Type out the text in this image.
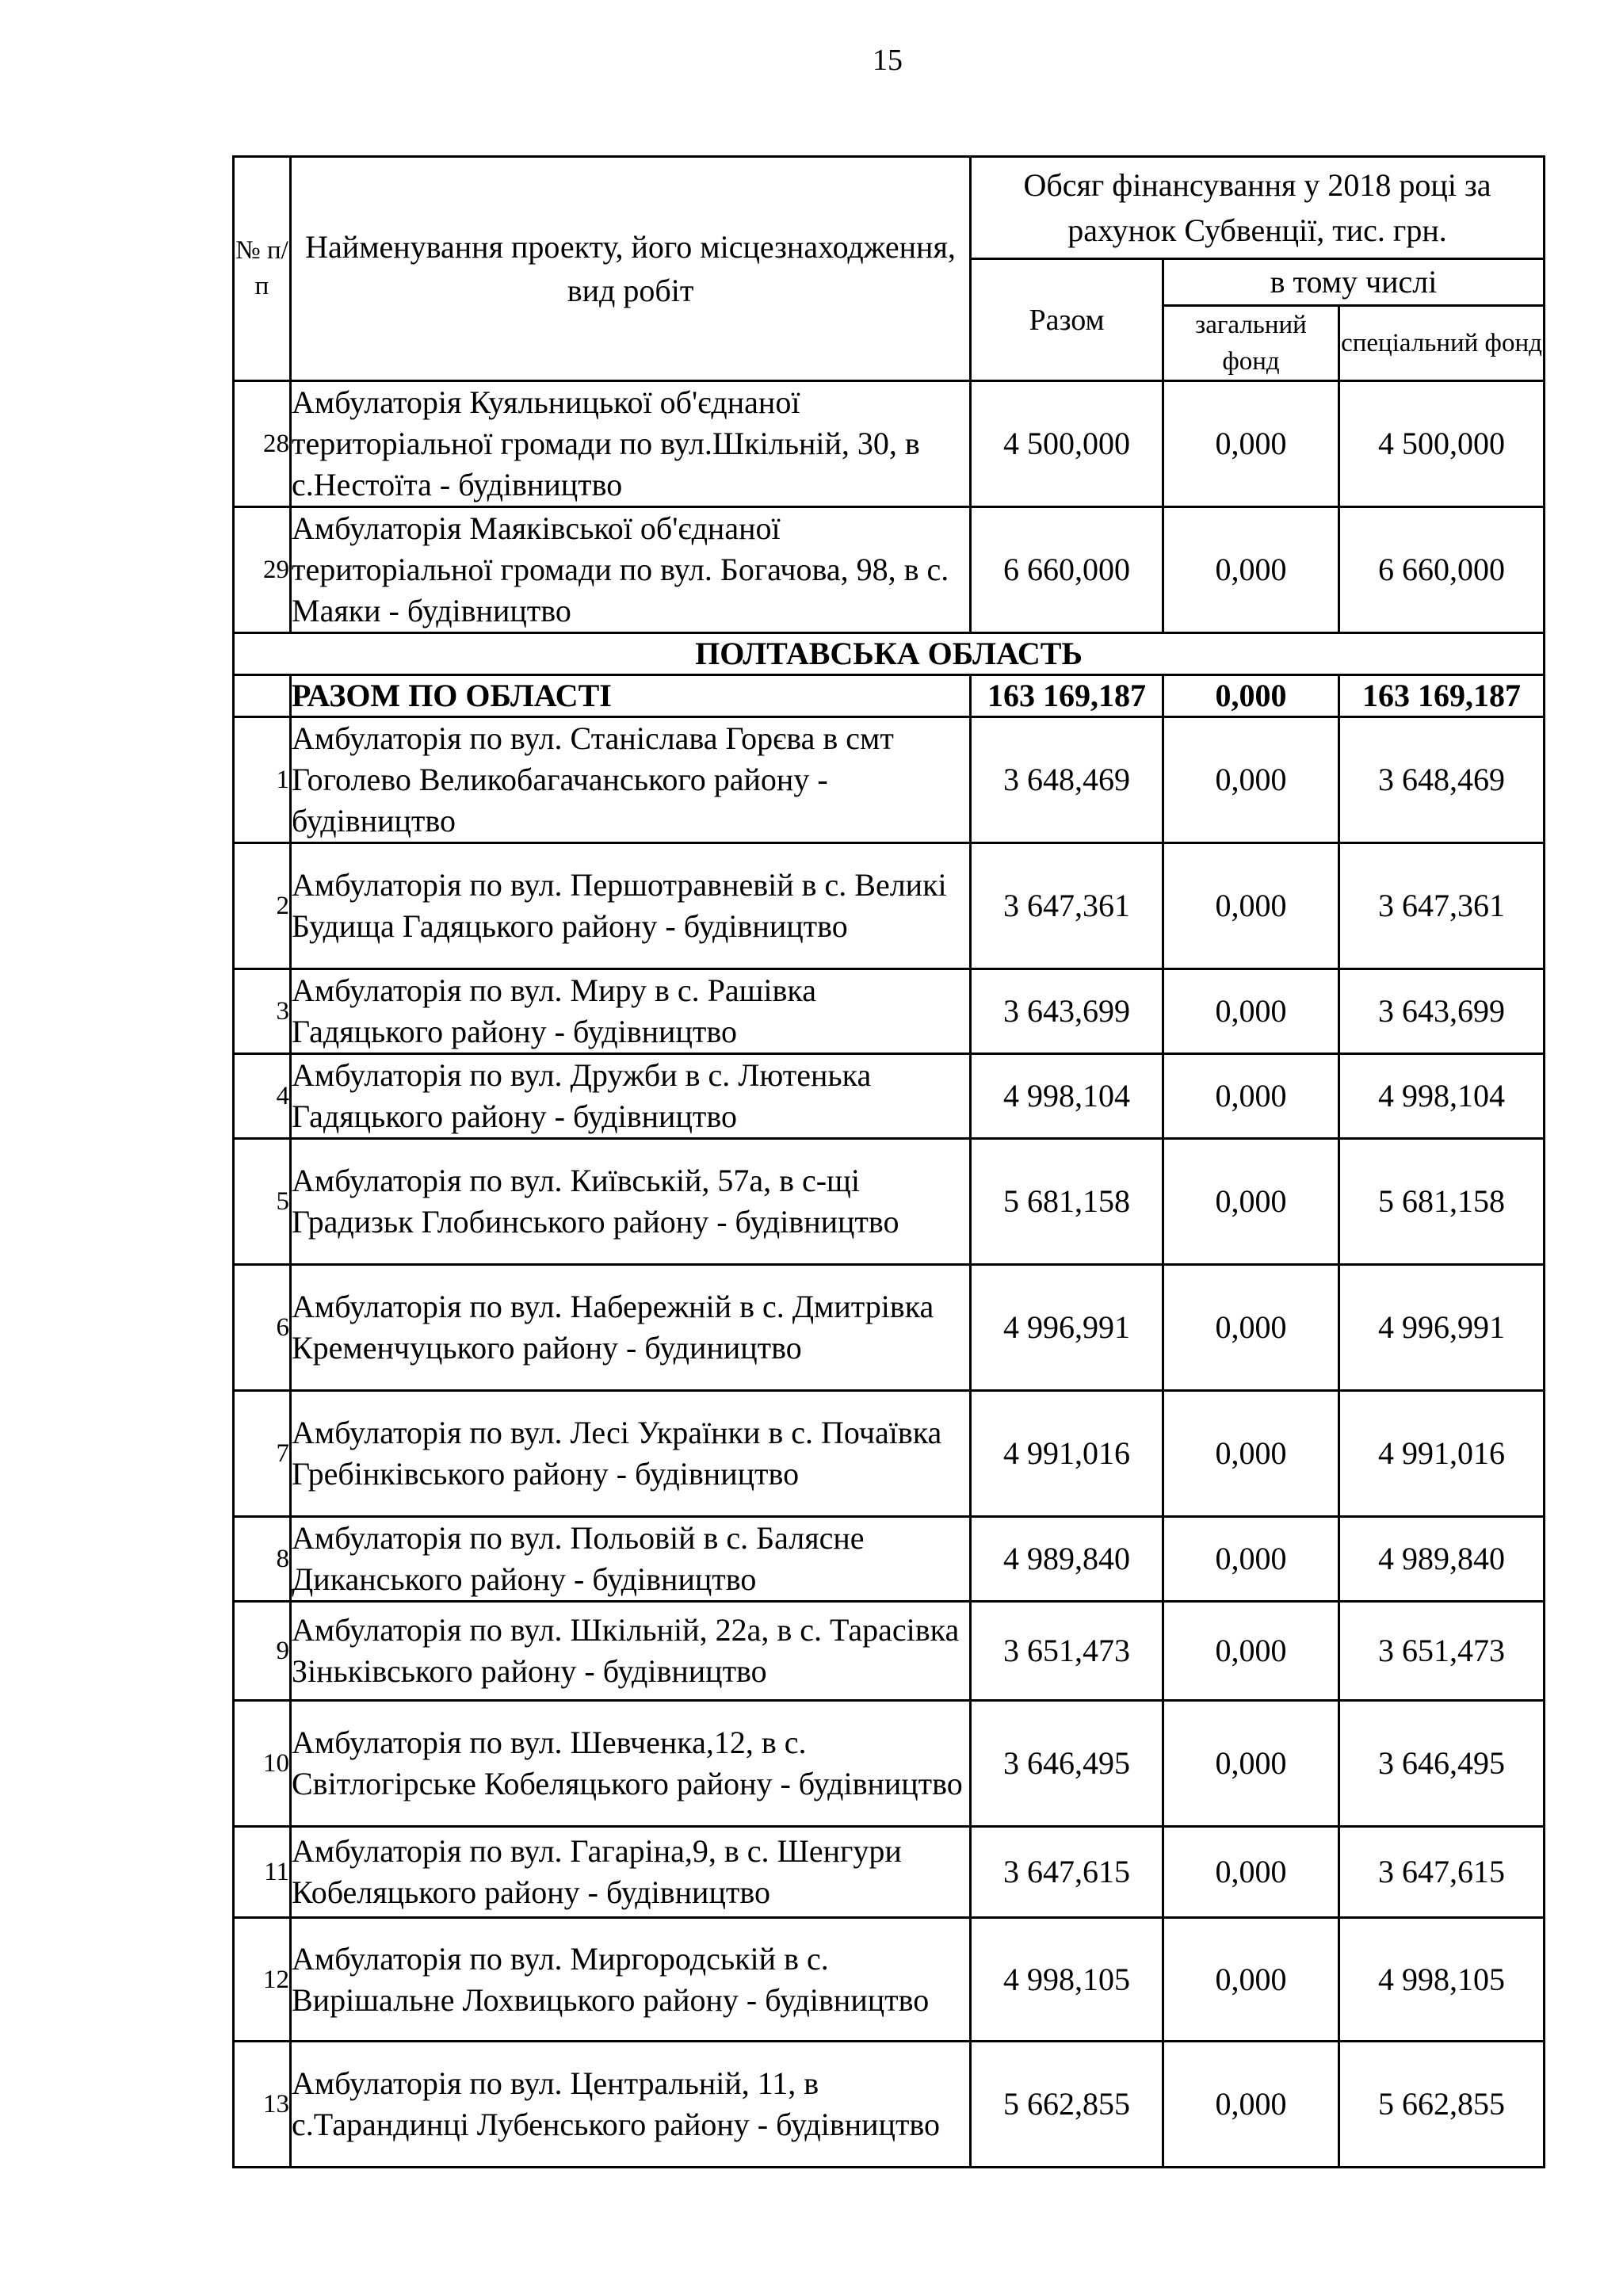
15
№ п/п	Найменування проекту, його місцезнаходження, вид робіт	Обсяг фінансування у 2018 році за рахунок Субвенції, тис. грн.		
		Разом	в тому числі	
			загальний фонд	спеціальний фонд
28	Амбулаторія Куяльницької об'єднаної територіальної громади по вул.Шкільній, 30, в с.Нестоїта - будівництво	4 500,000	0,000	4 500,000
29	Амбулаторія Маяківської об'єднаної територіальної громади по вул. Богачова, 98, в с. Маяки - будівництво	6 660,000	0,000	6 660,000
ПОЛТАВСЬКА ОБЛАСТЬ				
	РАЗОМ ПО ОБЛАСТІ	163 169,187	0,000	163 169,187
1	Амбулаторія по вул. Станіслава Горєва в смт Гоголево Великобагачанського району - будівництво	3 648,469	0,000	3 648,469
2	Амбулаторія по вул. Першотравневій в с. Великі Будища Гадяцького району - будівництво	3 647,361	0,000	3 647,361
3	Амбулаторія по вул. Миру в с. Рашівка Гадяцького району - будівництво	3 643,699	0,000	3 643,699
4	Амбулаторія по вул. Дружби в с. Лютенька Гадяцького району - будівництво	4 998,104	0,000	4 998,104
5	Амбулаторія по вул. Київській, 57а, в с-щі Градизьк Глобинського району - будівництво	5 681,158	0,000	5 681,158
6	Амбулаторія по вул. Набережній в с. Дмитрівка Кременчуцького району - будиництво	4 996,991	0,000	4 996,991
7	Амбулаторія по вул. Лесі Українки в с. Почаївка Гребінківського району - будівництво	4 991,016	0,000	4 991,016
8	Амбулаторія по вул. Польовій в с. Балясне Диканського району - будівництво	4 989,840	0,000	4 989,840
9	Амбулаторія по вул. Шкільній, 22а, в с. Тарасівка Зіньківського району - будівництво	3 651,473	0,000	3 651,473
10	Амбулаторія по вул. Шевченка,12, в с. Світлогірське Кобеляцького району - будівництво	3 646,495	0,000	3 646,495
11	Амбулаторія по вул. Гагаріна,9, в с. Шенгури Кобеляцького району - будівництво	3 647,615	0,000	3 647,615
12	Амбулаторія по вул. Миргородській в с. Вирішальне Лохвицького району - будівництво	4 998,105	0,000	4 998,105
13	Амбулаторія по вул. Центральній, 11, в с.Тарандинці Лубенського району - будівництво	5 662,855	0,000	5 662,855
